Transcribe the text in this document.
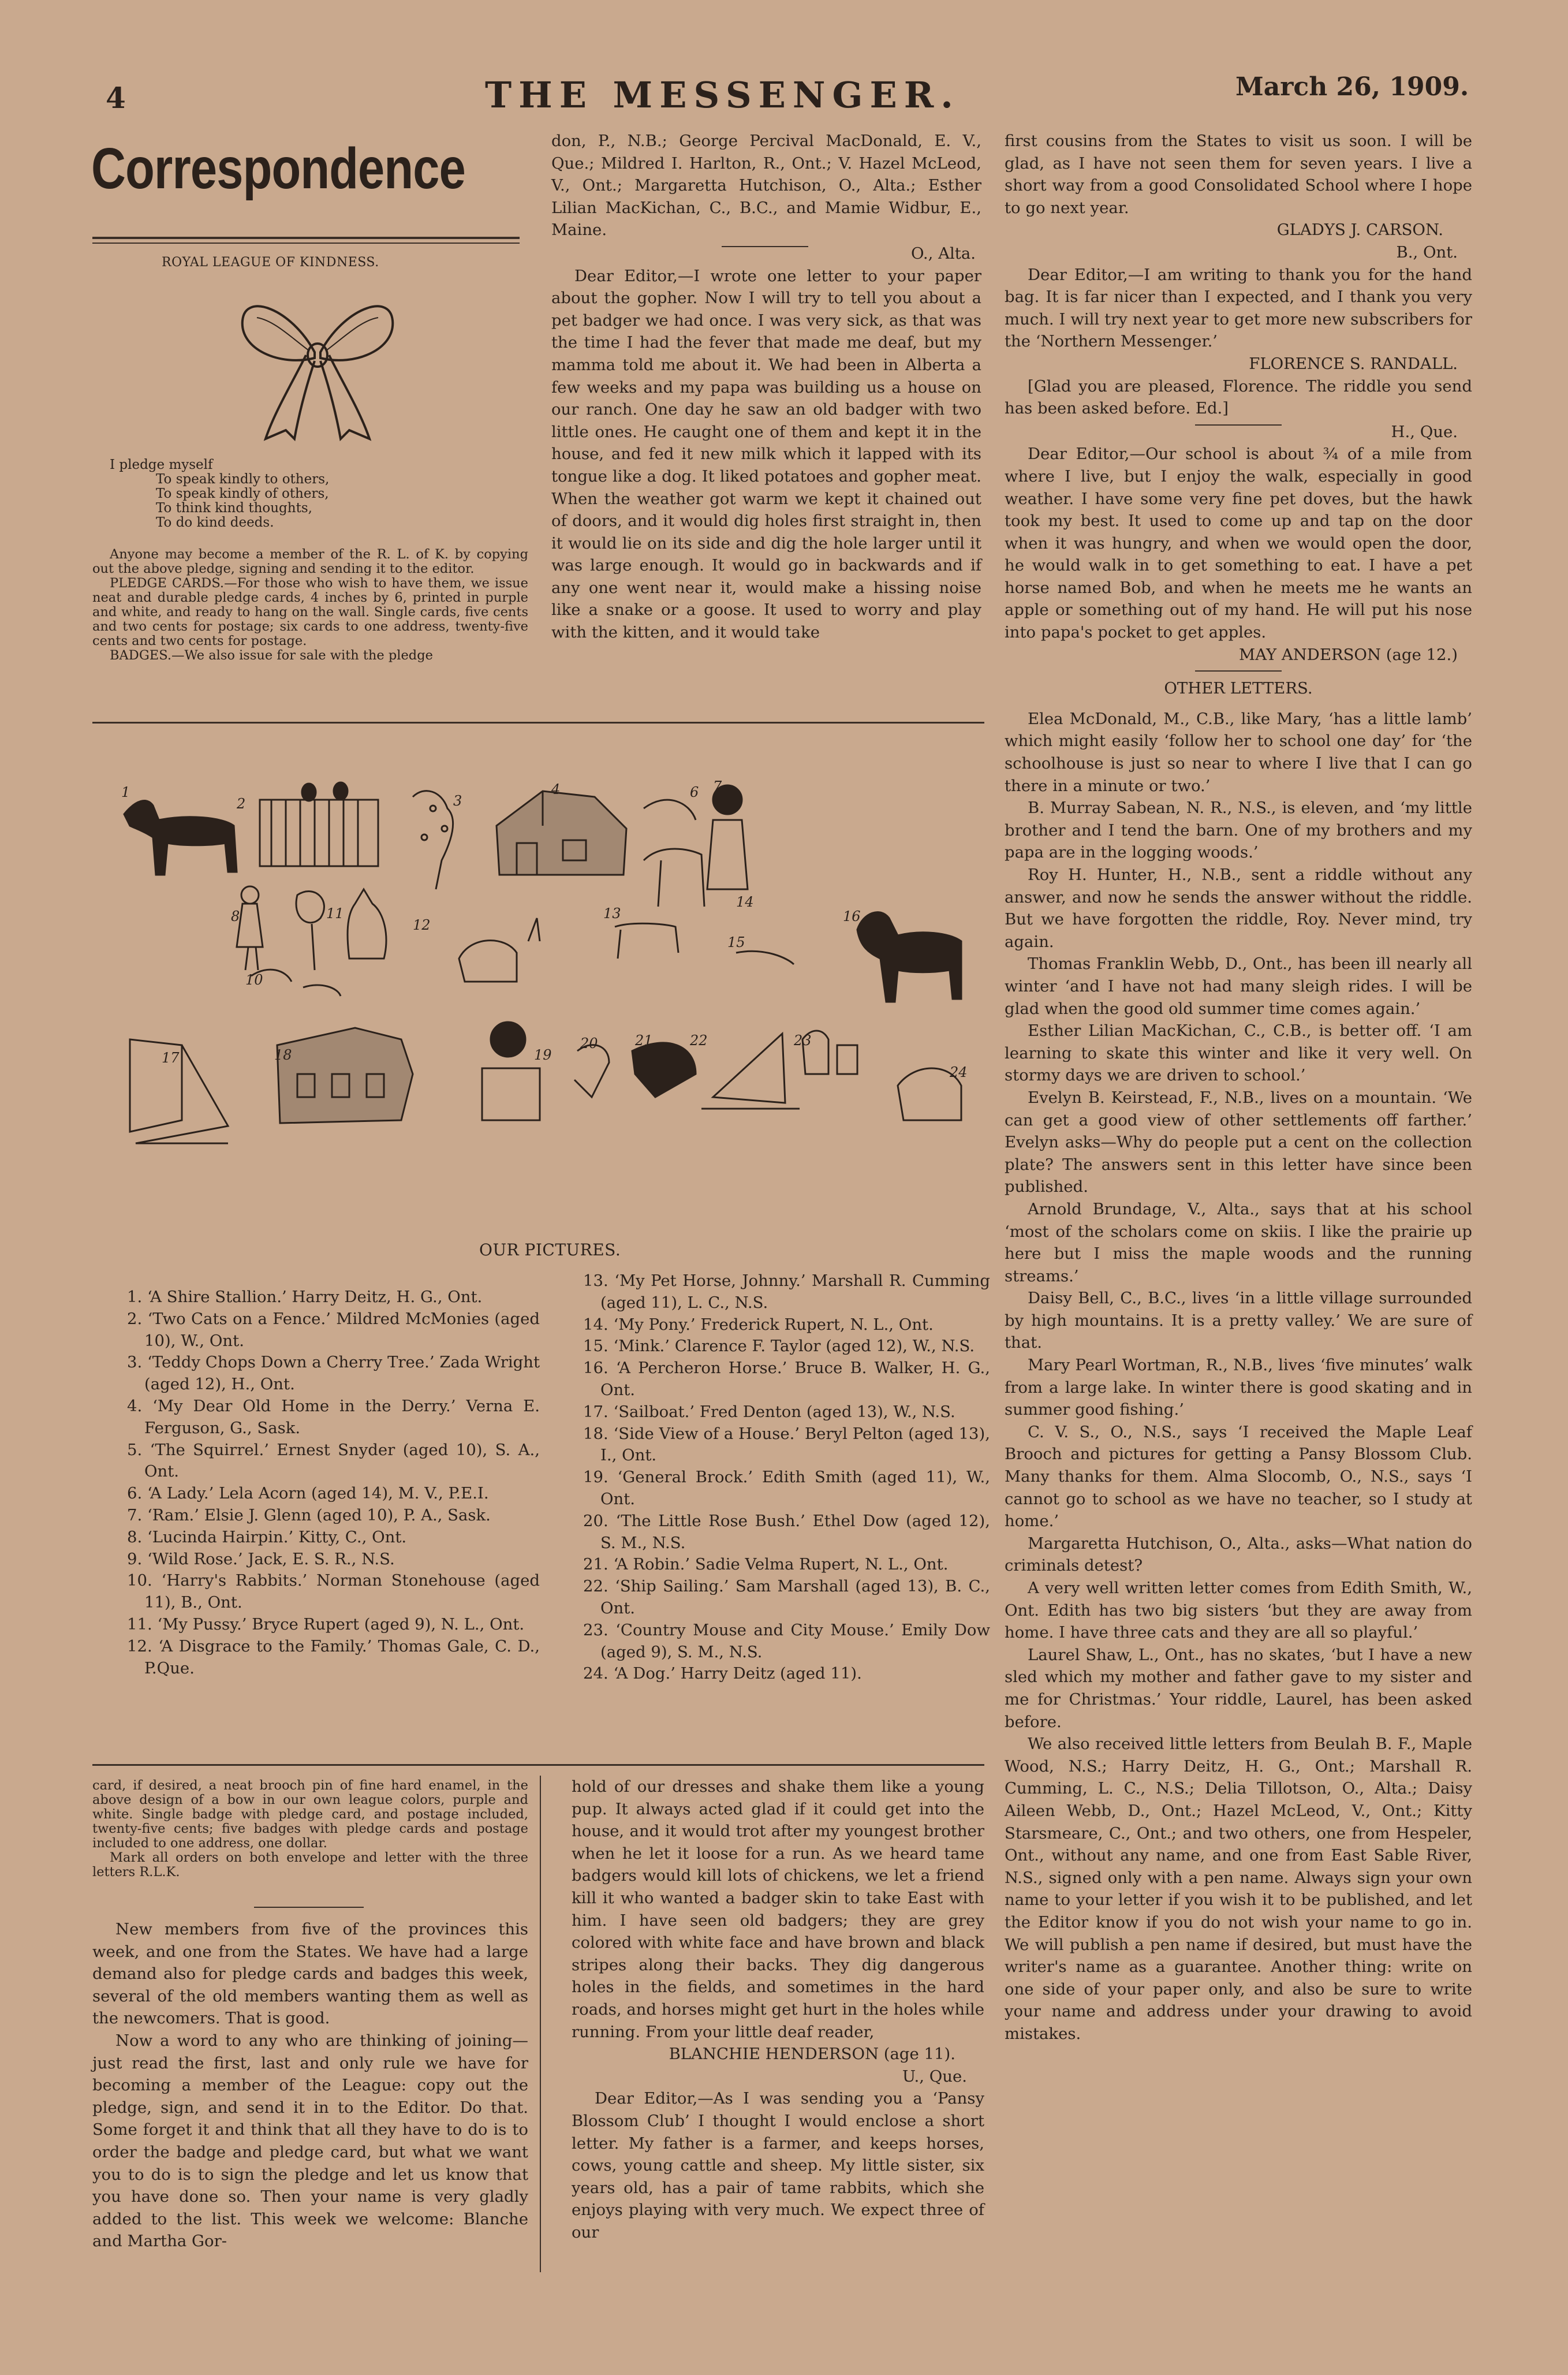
4	THE MESSENGER.	March 26, 1909.
Correspondence
ROYAL LEAGUE OF KINDNESS.

I pledge myself

To speak kindly to others,

To speak kindly of others,

To think kind thoughts,

To do kind deeds.

Anyone may become a member of the R. L. of K. by copying out the above pledge, signing and sending it to the editor.

PLEDGE CARDS.—For those who wish to have them, we issue neat and durable pledge cards, 4 inches by 6, printed in purple and white, and ready to hang on the wall. Single cards, five cents and two cents for postage; six cards to one address, twenty-five cents and two cents for postage.

BADGES.—We also issue for sale with the pledge

don, P., N.B.; George Percival MacDonald, E. V., Que.; Mildred I. Harlton, R., Ont.; V. Hazel McLeod, V., Ont.; Margaretta Hutchison, O., Alta.; Esther Lilian MacKichan, C., B.C., and Mamie Widbur, E., Maine.

O., Alta.

Dear Editor,—I wrote one letter to your paper about the gopher. Now I will try to tell you about a pet badger we had once. I was very sick, as that was the time I had the fever that made me deaf, but my mamma told me about it. We had been in Alberta a few weeks and my papa was building us a house on our ranch. One day he saw an old badger with two little ones. He caught one of them and kept it in the house, and fed it new milk which it lapped with its tongue like a dog. It liked potatoes and gopher meat. When the weather got warm we kept it chained out of doors, and it would dig holes first straight in, then it would lie on its side and dig the hole larger until it was large enough. It would go in backwards and if any one went near it, would make a hissing noise like a snake or a goose. It used to worry and play with the kitten, and it would take

first cousins from the States to visit us soon. I will be glad, as I have not seen them for seven years. I live a short way from a good Consolidated School where I hope to go next year.

GLADYS J. CARSON.

B., Ont.

Dear Editor,—I am writing to thank you for the hand bag. It is far nicer than I expected, and I thank you very much. I will try next year to get more new subscribers for the ‘Northern Messenger.’

FLORENCE S. RANDALL.

[Glad you are pleased, Florence. The riddle you send has been asked before. Ed.]

H., Que.

Dear Editor,—Our school is about ¾ of a mile from where I live, but I enjoy the walk, especially in good weather. I have some very fine pet doves, but the hawk took my best. It used to come up and tap on the door when it was hungry, and when we would open the door, he would walk in to get something to eat. I have a pet horse named Bob, and when he meets me he wants an apple or something out of my hand. He will put his nose into papa's pocket to get apples.

MAY ANDERSON (age 12.)

OTHER LETTERS.

Elea McDonald, M., C.B., like Mary, ‘has a little lamb’ which might easily ‘follow her to school one day’ for ‘the schoolhouse is just so near to where I live that I can go there in a minute or two.’

B. Murray Sabean, N. R., N.S., is eleven, and ‘my little brother and I tend the barn. One of my brothers and my papa are in the logging woods.’

Roy H. Hunter, H., N.B., sent a riddle without any answer, and now he sends the answer without the riddle. But we have forgotten the riddle, Roy. Never mind, try again.

Thomas Franklin Webb, D., Ont., has been ill nearly all winter ‘and I have not had many sleigh rides. I will be glad when the good old summer time comes again.’

Esther Lilian MacKichan, C., C.B., is better off. ‘I am learning to skate this winter and like it very well. On stormy days we are driven to school.’

Evelyn B. Keirstead, F., N.B., lives on a mountain. ‘We can get a good view of other settlements off farther.’ Evelyn asks—Why do people put a cent on the collection plate? The answers sent in this letter have since been published.

Arnold Brundage, V., Alta., says that at his school ‘most of the scholars come on skiis. I like the prairie up here but I miss the maple woods and the running streams.’

Daisy Bell, C., B.C., lives ‘in a little village surrounded by high mountains. It is a pretty valley.’ We are sure of that.

Mary Pearl Wortman, R., N.B., lives ‘five minutes’ walk from a large lake. In winter there is good skating and in summer good fishing.’

C. V. S., O., N.S., says ‘I received the Maple Leaf Brooch and pictures for getting a Pansy Blossom Club. Many thanks for them. Alma Slocomb, O., N.S., says ‘I cannot go to school as we have no teacher, so I study at home.’

Margaretta Hutchison, O., Alta., asks—What nation do criminals detest?

A very well written letter comes from Edith Smith, W., Ont. Edith has two big sisters ‘but they are away from home. I have three cats and they are all so playful.’

Laurel Shaw, L., Ont., has no skates, ‘but I have a new sled which my mother and father gave to my sister and me for Christmas.’ Your riddle, Laurel, has been asked before.

We also received little letters from Beulah B. F., Maple Wood, N.S.; Harry Deitz, H. G., Ont.; Marshall R. Cumming, L. C., N.S.; Delia Tillotson, O., Alta.; Daisy Aileen Webb, D., Ont.; Hazel McLeod, V., Ont.; Kitty Starsmeare, C., Ont.; and two others, one from Hespeler, Ont., without any name, and one from East Sable River, N.S., signed only with a pen name. Always sign your own name to your letter if you wish it to be published, and let the Editor know if you do not wish your name to go in. We will publish a pen name if desired, but must have the writer's name as a guarantee. Another thing: write on one side of your paper only, and also be sure to write your name and address under your drawing to avoid mistakes.

1
2	3
4	6 7
8
10
11
12
13
14
15
16
17	18	19
20	21	22	23
24
OUR PICTURES.

1. ‘A Shire Stallion.’ Harry Deitz, H. G., Ont.

2. ‘Two Cats on a Fence.’ Mildred McMonies (aged 10), W., Ont.

3. ‘Teddy Chops Down a Cherry Tree.’ Zada Wright (aged 12), H., Ont.

4. ‘My Dear Old Home in the Derry.’ Verna E. Ferguson, G., Sask.

5. ‘The Squirrel.’ Ernest Snyder (aged 10), S. A., Ont.

6. ‘A Lady.’ Lela Acorn (aged 14), M. V., P.E.I.

7. ‘Ram.’ Elsie J. Glenn (aged 10), P. A., Sask.

8. ‘Lucinda Hairpin.’ Kitty, C., Ont.

9. ‘Wild Rose.’ Jack, E. S. R., N.S.

10. ‘Harry's Rabbits.’ Norman Stonehouse (aged 11), B., Ont.

11. ‘My Pussy.’ Bryce Rupert (aged 9), N. L., Ont.

12. ‘A Disgrace to the Family.’ Thomas Gale, C. D., P.Que.

13. ‘My Pet Horse, Johnny.’ Marshall R. Cumming (aged 11), L. C., N.S.

14. ‘My Pony.’ Frederick Rupert, N. L., Ont.

15. ‘Mink.’ Clarence F. Taylor (aged 12), W., N.S.

16. ‘A Percheron Horse.’ Bruce B. Walker, H. G., Ont.

17. ‘Sailboat.’ Fred Denton (aged 13), W., N.S.

18. ‘Side View of a House.’ Beryl Pelton (aged 13), I., Ont.

19. ‘General Brock.’ Edith Smith (aged 11), W., Ont.

20. ‘The Little Rose Bush.’ Ethel Dow (aged 12), S. M., N.S.

21. ‘A Robin.’ Sadie Velma Rupert, N. L., Ont.

22. ‘Ship Sailing.’ Sam Marshall (aged 13), B. C., Ont.

23. ‘Country Mouse and City Mouse.’ Emily Dow (aged 9), S. M., N.S.

24. ‘A Dog.’ Harry Deitz (aged 11).

card, if desired, a neat brooch pin of fine hard enamel, in the above design of a bow in our own league colors, purple and white. Single badge with pledge card, and postage included, twenty-five cents; five badges with pledge cards and postage included to one address, one dollar.

Mark all orders on both envelope and letter with the three letters R.L.K.

New members from five of the provinces this week, and one from the States. We have had a large demand also for pledge cards and badges this week, several of the old members wanting them as well as the newcomers. That is good.

Now a word to any who are thinking of joining—just read the first, last and only rule we have for becoming a member of the League: copy out the pledge, sign, and send it in to the Editor. Do that. Some forget it and think that all they have to do is to order the badge and pledge card, but what we want you to do is to sign the pledge and let us know that you have done so. Then your name is very gladly added to the list. This week we welcome: Blanche and Martha Gor-

hold of our dresses and shake them like a young pup. It always acted glad if it could get into the house, and it would trot after my youngest brother when he let it loose for a run. As we heard tame badgers would kill lots of chickens, we let a friend kill it who wanted a badger skin to take East with him. I have seen old badgers; they are grey colored with white face and have brown and black stripes along their backs. They dig dangerous holes in the fields, and sometimes in the hard roads, and horses might get hurt in the holes while running. From your little deaf reader,

BLANCHIE HENDERSON (age 11).

U., Que.

Dear Editor,—As I was sending you a ‘Pansy Blossom Club’ I thought I would enclose a short letter. My father is a farmer, and keeps horses, cows, young cattle and sheep. My little sister, six years old, has a pair of tame rabbits, which she enjoys playing with very much. We expect three of our
